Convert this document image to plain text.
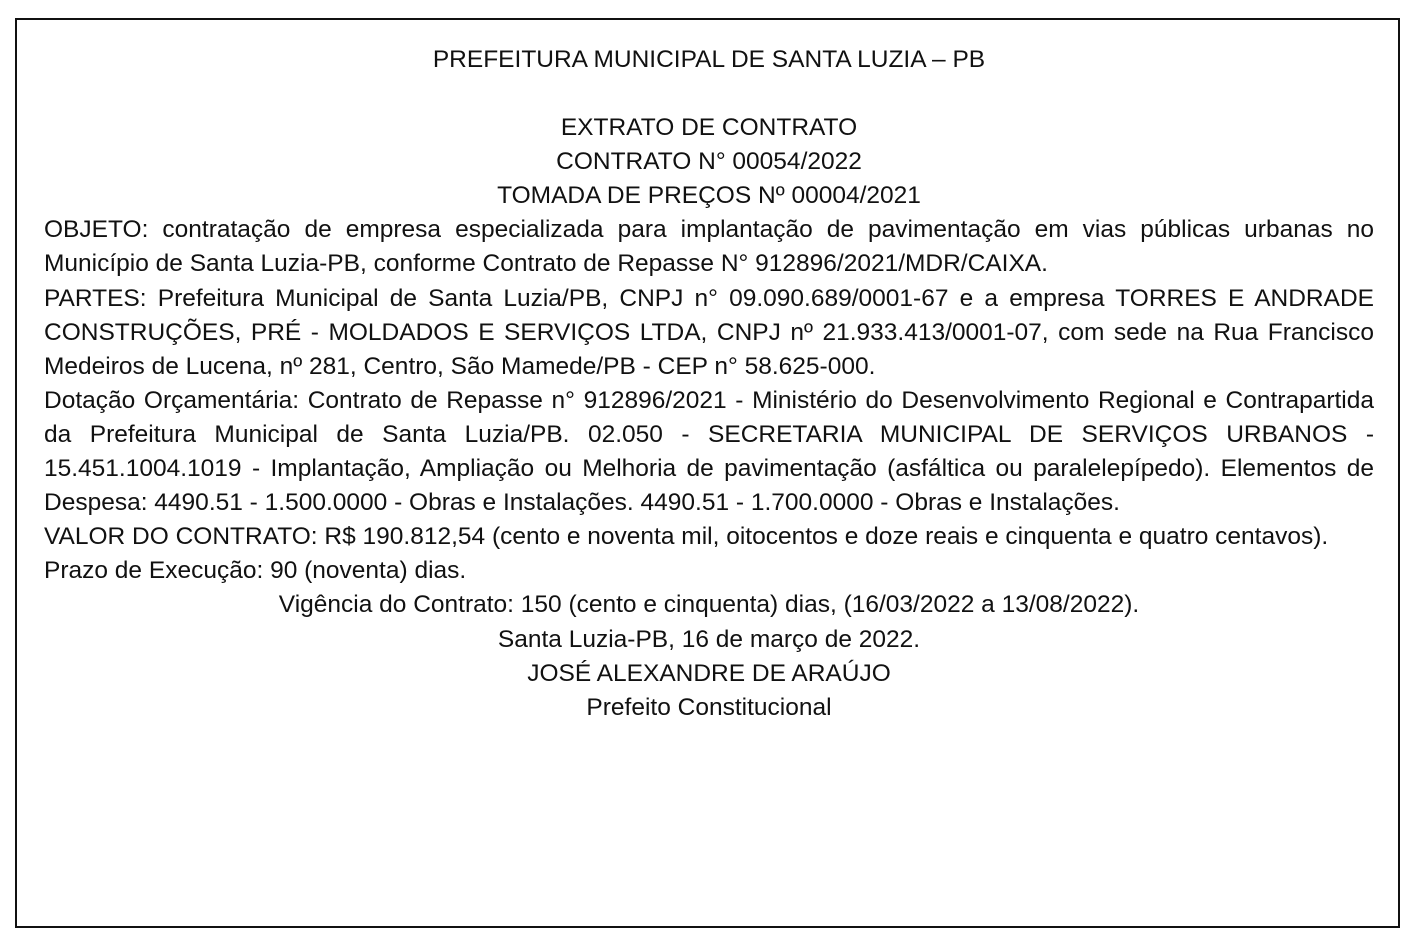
PREFEITURA MUNICIPAL DE SANTA LUZIA – PB

EXTRATO DE CONTRATO

CONTRATO N° 00054/2022

TOMADA DE PREÇOS Nº 00004/2021

OBJETO: contratação de empresa especializada para implantação de pavimentação em vias públicas urbanas no Município de Santa Luzia-PB, conforme Contrato de Repasse N° 912896/2021/MDR/CAIXA.

PARTES: Prefeitura Municipal de Santa Luzia/PB, CNPJ n° 09.090.689/0001-67 e a empresa TORRES E ANDRADE CONSTRUÇÕES, PRÉ - MOLDADOS E SERVIÇOS LTDA, CNPJ nº 21.933.413/0001-07, com sede na Rua Francisco Medeiros de Lucena, nº 281, Centro, São Mamede/PB - CEP n° 58.625-000.

Dotação Orçamentária: Contrato de Repasse n° 912896/2021 - Ministério do Desenvolvimento Regional e Contrapartida da Prefeitura Municipal de Santa Luzia/PB. 02.050 - SECRETARIA MUNICIPAL DE SERVIÇOS URBANOS - 15.451.1004.1019 - Implantação, Ampliação ou Melhoria de pavimentação (asfáltica ou paralelepípedo). Elementos de Despesa: 4490.51 - 1.500.0000 - Obras e Instalações. 4490.51 - 1.700.0000 - Obras e Instalações.

VALOR DO CONTRATO: R$ 190.812,54 (cento e noventa mil, oitocentos e doze reais e cinquenta e quatro centavos).

Prazo de Execução: 90 (noventa) dias.

Vigência do Contrato: 150 (cento e cinquenta) dias, (16/03/2022 a 13/08/2022).

Santa Luzia-PB, 16 de março de 2022.

JOSÉ ALEXANDRE DE ARAÚJO

Prefeito Constitucional
